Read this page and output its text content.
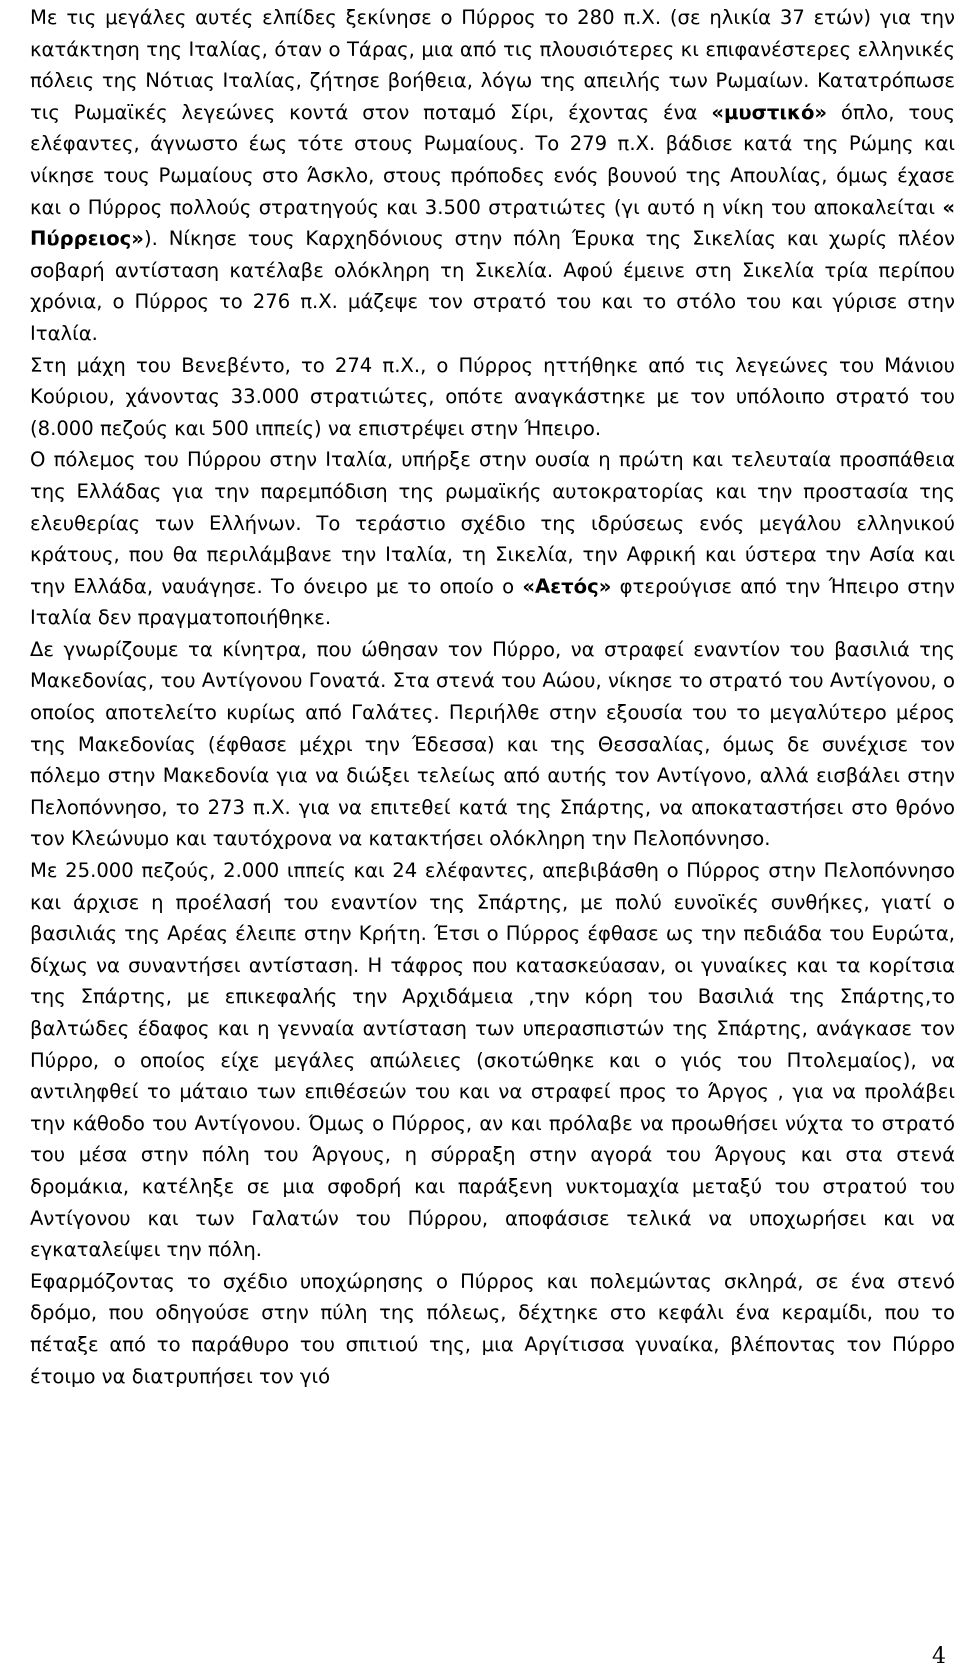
Με τις μεγάλες αυτές ελπίδες ξεκίνησε ο Πύρρος το 280 π.Χ. (σε ηλικία 37 ετών) για την κατάκτηση της Ιταλίας, όταν ο Τάρας, μια από τις πλουσιότερες κι επιφανέστερες ελληνικές πόλεις της Νότιας Ιταλίας, ζήτησε βοήθεια, λόγω της απειλής των Ρωμαίων. Κατατρόπωσε τις Ρωμαϊκές λεγεώνες κοντά στον ποταμό Σίρι, έχοντας ένα «μυστικό» όπλο, τους ελέφαντες, άγνωστο έως τότε στους Ρωμαίους. Το 279 π.Χ. βάδισε κατά της Ρώμης και νίκησε τους Ρωμαίους στο Άσκλο, στους πρόποδες ενός βουνού της Απουλίας, όμως έχασε και ο Πύρρος πολλούς στρατηγούς και 3.500 στρατιώτες (γι αυτό η νίκη του αποκαλείται « Πύρρειος»). Νίκησε τους Καρχηδόνιους στην πόλη Έρυκα της Σικελίας και χωρίς πλέον σοβαρή αντίσταση κατέλαβε ολόκληρη τη Σικελία. Αφού έμεινε στη Σικελία τρία περίπου χρόνια, ο Πύρρος το 276 π.Χ. μάζεψε τον στρατό του και το στόλο του και γύρισε στην Ιταλία.

Στη μάχη του Βενεβέντο, το 274 π.Χ., ο Πύρρος ηττήθηκε από τις λεγεώνες του Μάνιου Κούριου, χάνοντας 33.000 στρατιώτες, οπότε αναγκάστηκε με τον υπόλοιπο στρατό του (8.000 πεζούς και 500 ιππείς) να επιστρέψει στην Ήπειρο.

Ο πόλεμος του Πύρρου στην Ιταλία, υπήρξε στην ουσία η πρώτη και τελευταία προσπάθεια της Ελλάδας για την παρεμπόδιση της ρωμαϊκής αυτοκρατορίας και την προστασία της ελευθερίας των Ελλήνων. Το τεράστιο σχέδιο της ιδρύσεως ενός μεγάλου ελληνικού κράτους, που θα περιλάμβανε την Ιταλία, τη Σικελία, την Αφρική και ύστερα την Ασία και την Ελλάδα, ναυάγησε. Το όνειρο με το οποίο ο «Αετός» φτερούγισε από την Ήπειρο στην Ιταλία δεν πραγματοποιήθηκε.

Δε γνωρίζουμε τα κίνητρα, που ώθησαν τον Πύρρο, να στραφεί εναντίον του βασιλιά της Μακεδονίας, του Αντίγονου Γονατά. Στα στενά του Αώου, νίκησε το στρατό του Αντίγονου, ο οποίος αποτελείτο κυρίως από Γαλάτες. Περιήλθε στην εξουσία του το μεγαλύτερο μέρος της Μακεδονίας (έφθασε μέχρι την Έδεσσα) και της Θεσσαλίας, όμως δε συνέχισε τον πόλεμο στην Μακεδονία για να διώξει τελείως από αυτής τον Αντίγονο, αλλά εισβάλει στην Πελοπόννησο, το 273 π.Χ. για να επιτεθεί κατά της Σπάρτης, να αποκαταστήσει στο θρόνο τον Κλεώνυμο και ταυτόχρονα να κατακτήσει ολόκληρη την Πελοπόννησο.

Με 25.000 πεζούς, 2.000 ιππείς και 24 ελέφαντες, απεβιβάσθη ο Πύρρος στην Πελοπόννησο και άρχισε η προέλασή του εναντίον της Σπάρτης, με πολύ ευνοϊκές συνθήκες, γιατί ο βασιλιάς της Αρέας έλειπε στην Κρήτη. Έτσι ο Πύρρος έφθασε ως την πεδιάδα του Ευρώτα, δίχως να συναντήσει αντίσταση. Η τάφρος που κατασκεύασαν, οι γυναίκες και τα κορίτσια της Σπάρτης, με επικεφαλής την Αρχιδάμεια ,την κόρη του Βασιλιά της Σπάρτης,το βαλτώδες έδαφος και η γενναία αντίσταση των υπερασπιστών της Σπάρτης, ανάγκασε τον Πύρρο, ο οποίος είχε μεγάλες απώλειες (σκοτώθηκε και ο γιός του Πτολεμαίος), να αντιληφθεί το μάταιο των επιθέσεών του και να στραφεί προς το Άργος , για να προλάβει την κάθοδο του Αντίγονου. Όμως ο Πύρρος, αν και πρόλαβε να προωθήσει νύχτα το στρατό του μέσα στην πόλη του Άργους, η σύρραξη στην αγορά του Άργους και στα στενά δρομάκια, κατέληξε σε μια σφοδρή και παράξενη νυκτομαχία μεταξύ του στρατού του Αντίγονου και των Γαλατών του Πύρρου, αποφάσισε τελικά να υποχωρήσει και να εγκαταλείψει την πόλη.

Εφαρμόζοντας το σχέδιο υποχώρησης ο Πύρρος και πολεμώντας σκληρά, σε ένα στενό δρόμο, που οδηγούσε στην πύλη της πόλεως, δέχτηκε στο κεφάλι ένα κεραμίδι, που το πέταξε από το παράθυρο του σπιτιού της, μια Αργίτισσα γυναίκα, βλέποντας τον Πύρρο έτοιμο να διατρυπήσει τον γιό

4
